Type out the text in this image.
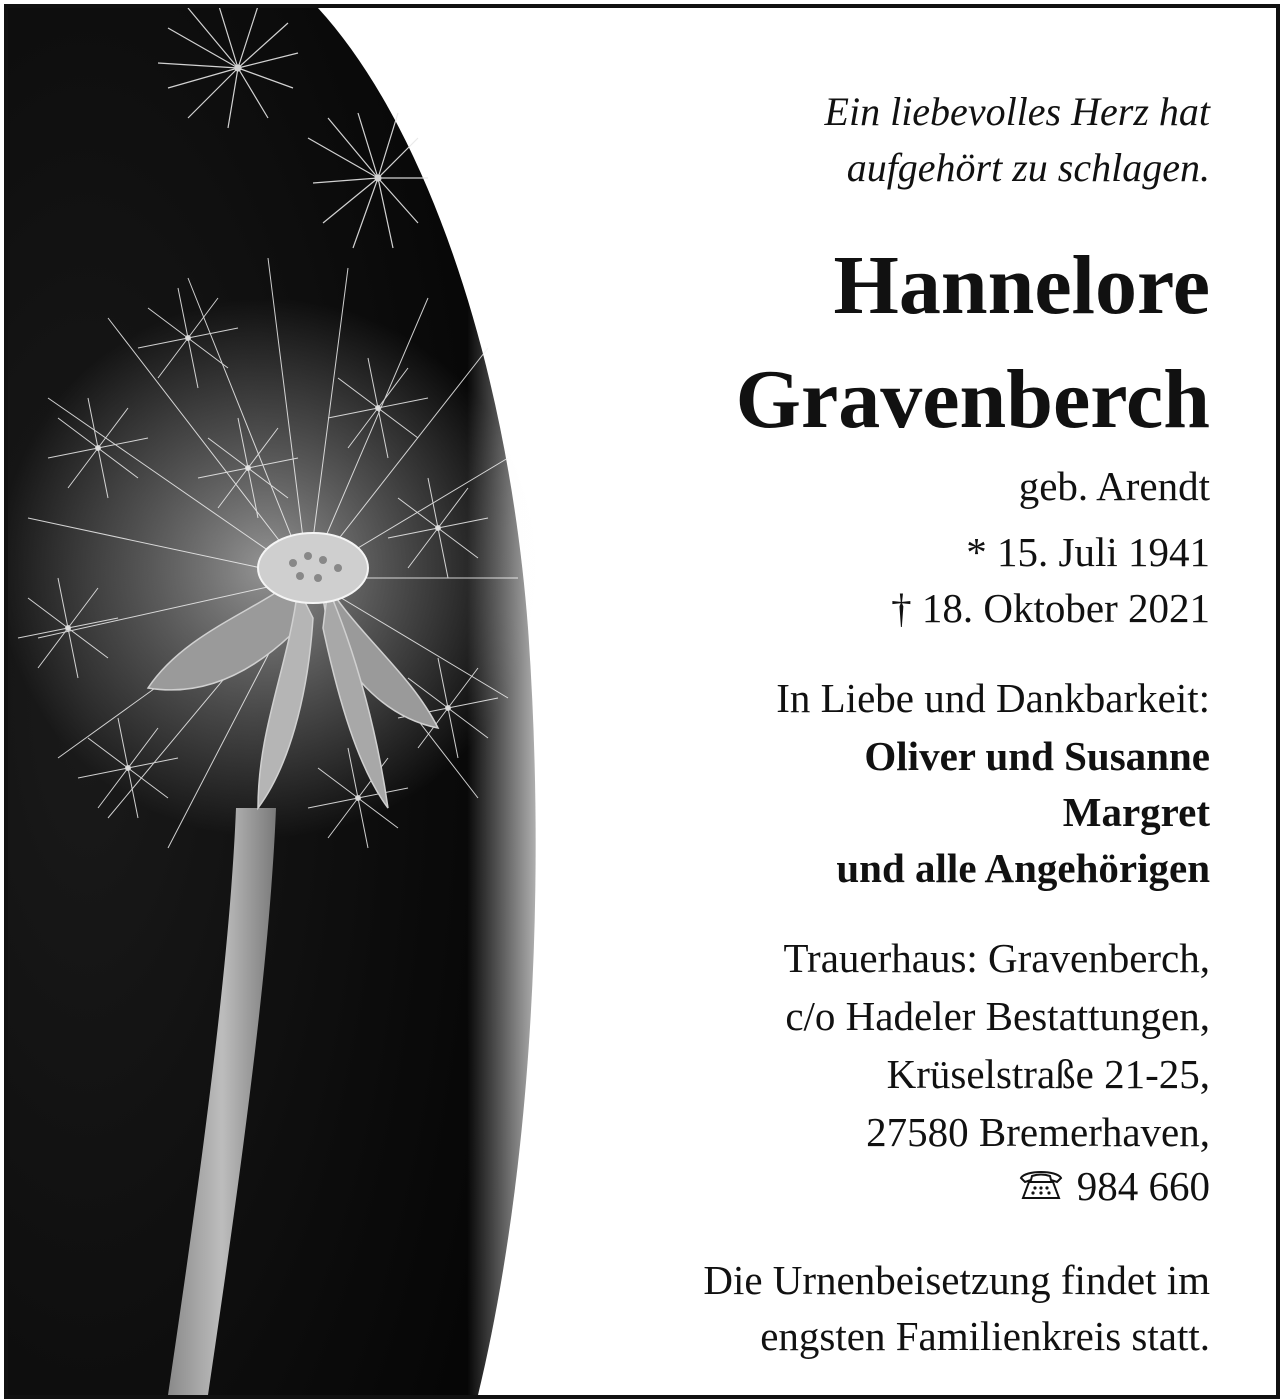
Ein liebevolles Herz hat
aufgehört zu schlagen.
Hannelore
Gravenberch
geb. Arendt
* 15. Juli 1941
† 18. Oktober 2021
In Liebe und Dankbarkeit:
Oliver und Susanne
Margret
und alle Angehörigen
Trauerhaus: Gravenberch,
c/o Hadeler Bestattungen,
Krüselstraße 21-25,
27580 Bremerhaven,
984 660
Die Urnenbeisetzung findet im
engsten Familienkreis statt.
